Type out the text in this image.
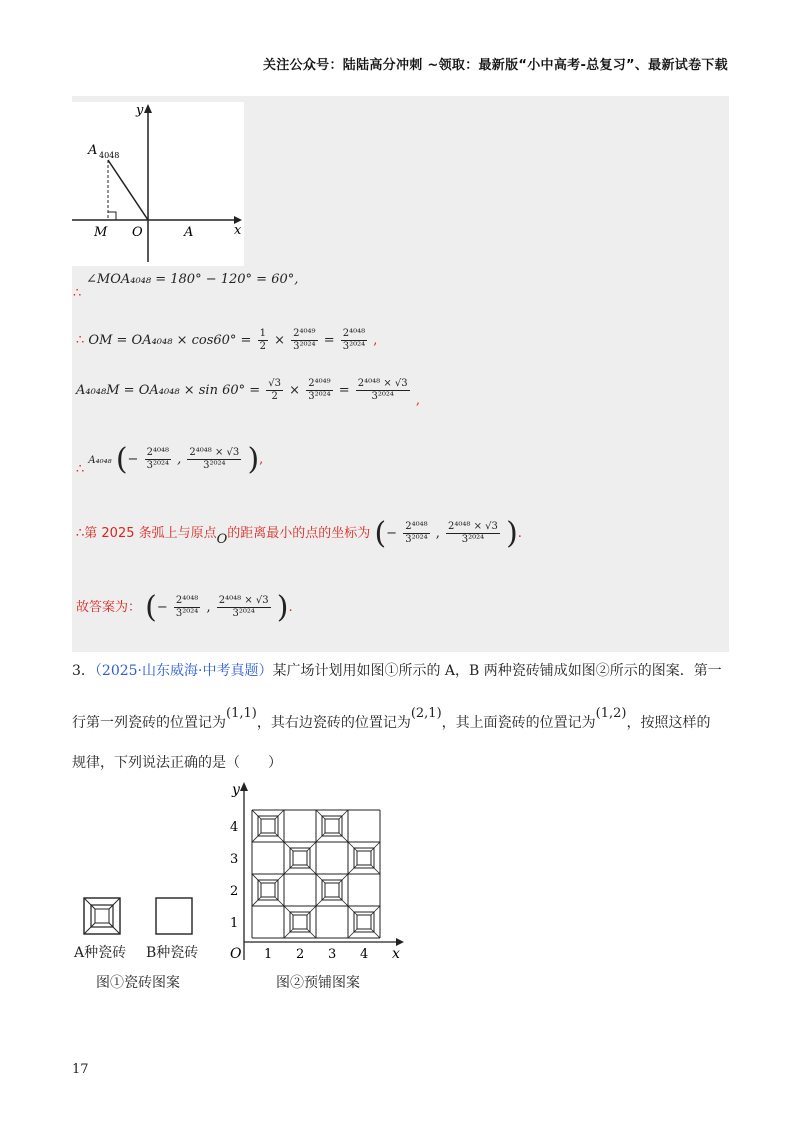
关注公众号：陆陆高分冲刺 ~领取：最新版“小中高考-总复习”、最新试卷下载
y
x
A 4048
M O	A
∴
∠MOA₄₀₄₈ = 180° − 120° = 60°,
∴ OM = $OA_{4048} \times \cos 60^\circ = \frac{1}{2} \times \frac{\text{2⁴⁰⁴⁹}}{\text{3²⁰²⁴}} = \frac{\text{2⁴⁰⁴⁸}}{\text{3²⁰²⁴}}$ ,
$A_{4048}M = OA_{4048} \times \sin 60^\circ = \frac{√3}{2} \times \frac{\text{2⁴⁰⁴⁹}}{\text{3²⁰²⁴}} = \frac{\text{2⁴⁰⁴⁸ × √3}}{\text{3²⁰²⁴}}$ ,
∴ A₄₀₄₈ (− $\frac{\text{2⁴⁰⁴⁸}}{\text{3²⁰²⁴}}$ , $\frac{\text{2⁴⁰⁴⁸ × √3}}{\text{3²⁰²⁴}}$ ),
∴第 2025 条弧上与原点O的距离最小的点的坐标为 (− $\frac{\text{2⁴⁰⁴⁸}}{\text{3²⁰²⁴}}$ , $\frac{\text{2⁴⁰⁴⁸ × √3}}{\text{3²⁰²⁴}}$ ).
故答案为： (− $\frac{\text{2⁴⁰⁴⁸}}{\text{3²⁰²⁴}}$ , $\frac{\text{2⁴⁰⁴⁸ × √3}}{\text{3²⁰²⁴}}$ ).
3．（2025·山东威海·中考真题）某广场计划用如图①所示的 A，B 两种瓷砖铺成如图②所示的图案．第一
行第一列瓷砖的位置记为(1,1)，其右边瓷砖的位置记为(2,1)，其上面瓷砖的位置记为(1,2)，按照这样的
规律，下列说法正确的是（　　）
A种瓷砖 B种瓷砖
图①瓷砖图案
y
x
O 1 2 3 4
1
2
3
4
图②预铺图案
17
